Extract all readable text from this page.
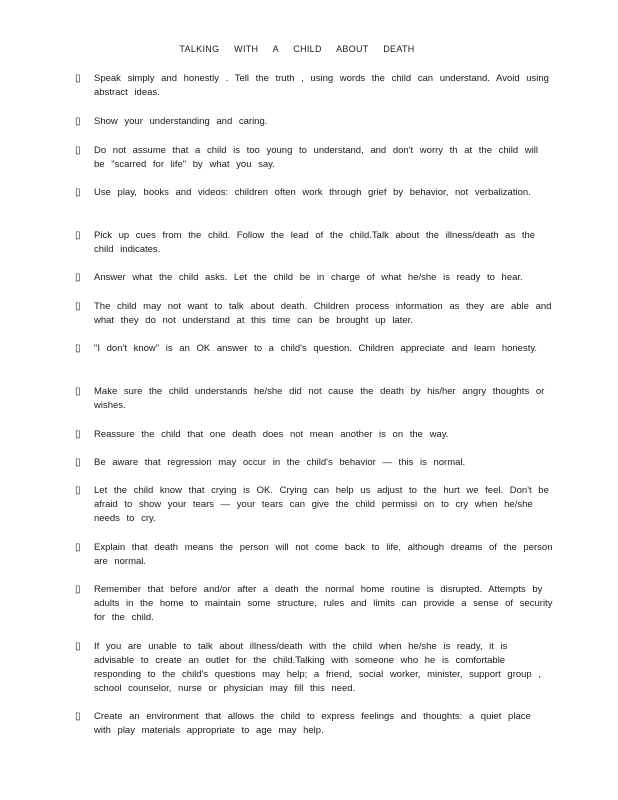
TALKING WITH A CHILD ABOUT DEATH
▯ Speak simply and honestly . Tell the truth , using words the child can understand. Avoid using abstract ideas.
▯ Show your understanding and caring.
▯ Do not assume that a child is too young to understand, and don't worry th at the child will be "scarred for life" by what you say.
▯ Use play, books and videos: children often work through grief by behavior, not verbalization.
▯ Pick up cues from the child. Follow the lead of the child.Talk about the illness/death as the child indicates.
▯ Answer what the child asks. Let the child be in charge of what he/she is ready to hear.
▯ The child may not want to talk about death. Children process information as they are able and what they do not understand at this time can be brought up later.
▯ "I don't know" is an OK answer to a child's question. Children appreciate and learn honesty.
▯ Make sure the child understands he/she did not cause the death by his/her angry thoughts or wishes.
▯ Reassure the child that one death does not mean another is on the way.
▯ Be aware that regression may occur in the child's behavior — this is normal.
▯ Let the child know that crying is OK. Crying can help us adjust to the hurt we feel. Don't be afraid to show your tears — your tears can give the child permissi on to cry when he/she needs to cry.
▯ Explain that death means the person will not come back to life, although dreams of the person are normal.
▯ Remember that before and/or after a death the normal home routine is disrupted. Attempts by adults in the home to maintain some structure, rules and limits can provide a sense of security for the child.
▯ If you are unable to talk about illness/death with the child when he/she is ready, it is advisable to create an outlet for the child.Talking with someone who he is comfortable responding to the child's questions may help; a friend, social worker, minister, support group , school counselor, nurse or physician may fill this need.
▯ Create an environment that allows the child to express feelings and thoughts: a quiet place with play materials appropriate to age may help.
